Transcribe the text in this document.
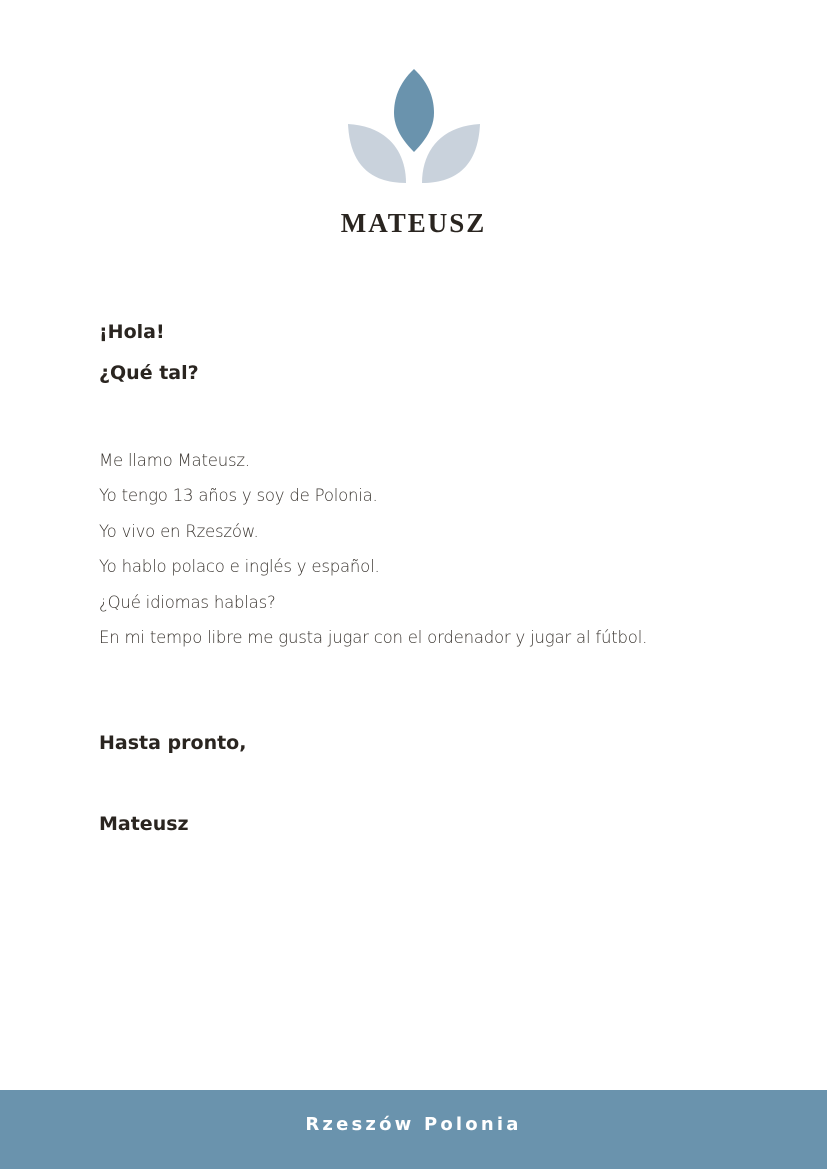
MATEUSZ
¡Hola!
¿Qué tal?
Me llamo Mateusz.
Yo tengo 13 años y soy de Polonia.
Yo vivo en Rzeszów.
Yo hablo polaco e inglés y español.
¿Qué idiomas hablas?
En mi tempo libre me gusta jugar con el ordenador y jugar al fútbol.

Hasta pronto,

Mateusz

Rzeszów Polonia
